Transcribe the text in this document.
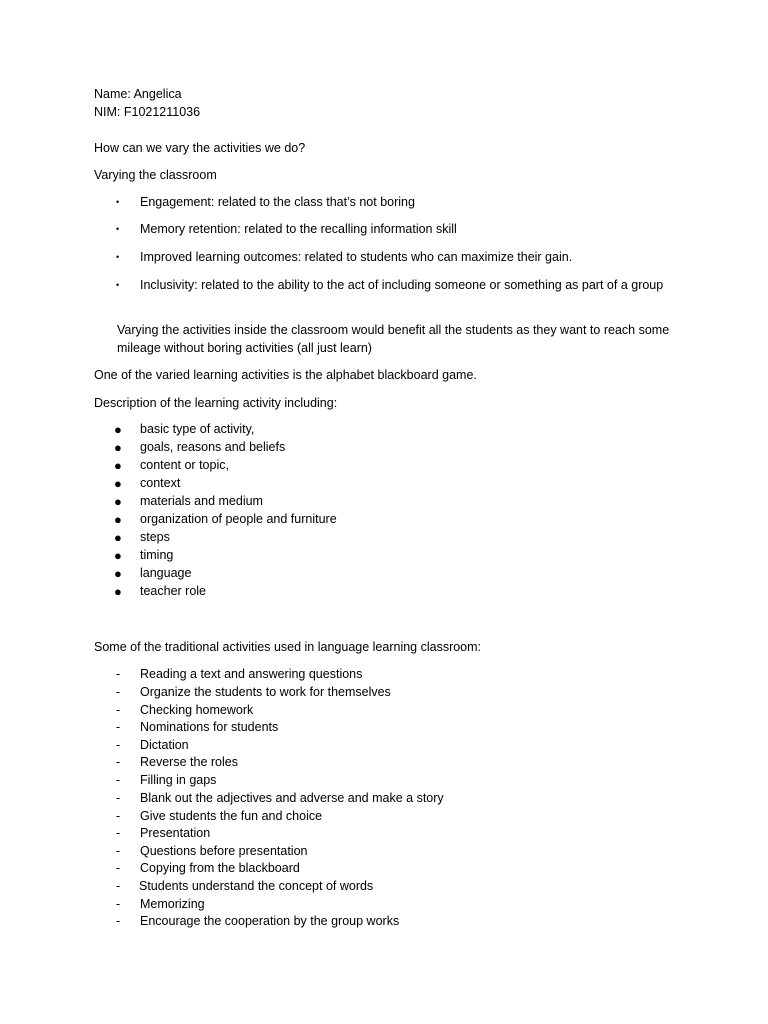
Name: Angelica
NIM: F1021211036
How can we vary the activities we do?
Varying the classroom
• Engagement: related to the class that’s not boring
• Memory retention: related to the recalling information skill
• Improved learning outcomes: related to students who can maximize their gain.
• Inclusivity: related to the ability to the act of including someone or something as part of a group
Varying the activities inside the classroom would benefit all the students as they want to reach some mileage without boring activities (all just learn)
One of the varied learning activities is the alphabet blackboard game.
Description of the learning activity including:
● basic type of activity,
● goals, reasons and beliefs
● content or topic,
● context
● materials and medium
● organization of people and furniture
● steps
● timing
● language
● teacher role
Some of the traditional activities used in language learning classroom:
- Reading a text and answering questions
- Organize the students to work for themselves
- Checking homework
- Nominations for students
- Dictation
- Reverse the roles
- Filling in gaps
- Blank out the adjectives and adverse and make a story
- Give students the fun and choice
- Presentation
- Questions before presentation
- Copying from the blackboard
- Students understand the concept of words
- Memorizing
- Encourage the cooperation by the group works
